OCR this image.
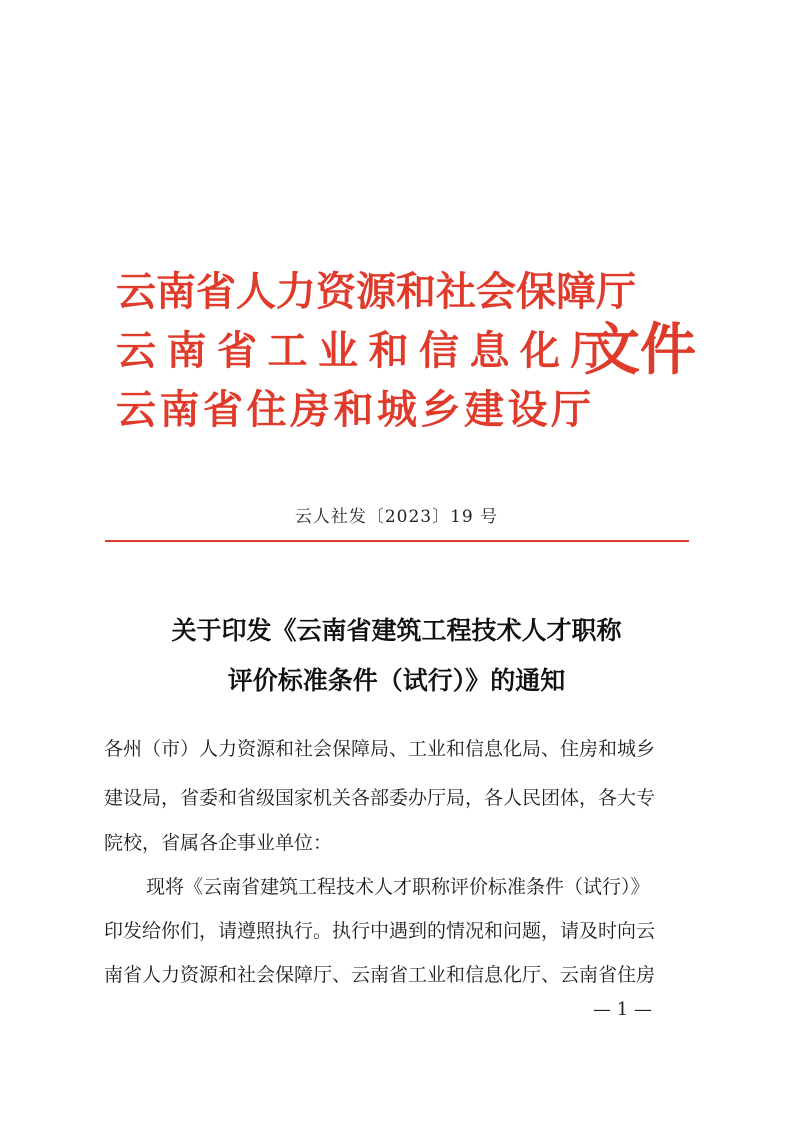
云南省人力资源和社会保障厅
云南省工业和信息化厅
云南省住房和城乡建设厅
文件
云人社发〔2023〕19 号
关于印发《云南省建筑工程技术人才职称
评价标准条件（试行）》的通知
各州（市）人力资源和社会保障局、工业和信息化局、住房和城乡
建设局，省委和省级国家机关各部委办厅局，各人民团体，各大专
院校，省属各企事业单位：
现将《云南省建筑工程技术人才职称评价标准条件（试行）》
印发给你们，请遵照执行。执行中遇到的情况和问题，请及时向云
南省人力资源和社会保障厅、云南省工业和信息化厅、云南省住房
— 1 —
